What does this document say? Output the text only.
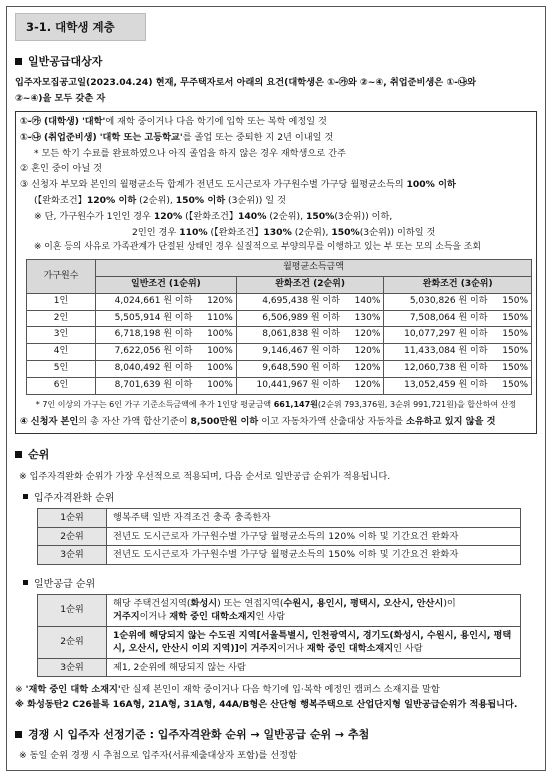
3-1. 대학생 계층
일반공급대상자
입주자모집공고일(2023.04.24) 현재, 무주택자로서 아래의 요건(대학생은 ①-㉮와 ②~④, 취업준비생은 ①-㉯와
②~④)을 모두 갖춘 자
①-㉮ (대학생) '대학'에 재학 중이거나 다음 학기에 입학 또는 복학 예정일 것
①-㉯ (취업준비생) '대학 또는 고등학교'를 졸업 또는 중퇴한 지 2년 이내일 것
* 모든 학기 수료를 완료하였으나 아직 졸업을 하지 않은 경우 재학생으로 간주
② 혼인 중이 아닐 것
③ 신청자 부모와 본인의 월평균소득 합계가 전년도 도시근로자 가구원수별 가구당 월평균소득의 100% 이하
(【완화조건】120% 이하 (2순위), 150% 이하 (3순위)) 일 것
※ 단, 가구원수가 1인인 경우 120% (【완화조건】140% (2순위), 150%(3순위)) 이하,
2인인 경우 110% (【완화조건】130% (2순위), 150%(3순위)) 이하일 것
※ 이혼 등의 사유로 가족관계가 단절된 상태인 경우 실질적으로 부양의무를 이행하고 있는 부 또는 모의 소득을 조회
가구원수	월평균소득금액					
	일반조건 (1순위)		완화조건 (2순위)		완화조건 (3순위)	
1인	4,024,661 원 이하	120%	4,695,438 원 이하	140%	5,030,826 원 이하	150%
2인	5,505,914 원 이하	110%	6,506,989 원 이하	130%	7,508,064 원 이하	150%
3인	6,718,198 원 이하	100%	8,061,838 원 이하	120%	10,077,297 원 이하	150%
4인	7,622,056 원 이하	100%	9,146,467 원 이하	120%	11,433,084 원 이하	150%
5인	8,040,492 원 이하	100%	9,648,590 원 이하	120%	12,060,738 원 이하	150%
6인	8,701,639 원 이하	100%	10,441,967 원 이하	120%	13,052,459 원 이하	150%
* 7인 이상의 가구는 6인 가구 기준소득금액에 추가 1인당 평균금액 661,147원(2순위 793,376원, 3순위 991,721원)을 합산하여 산정
④ 신청자 본인의 총 자산 가액 합산기준이 8,500만원 이하 이고 자동차가액 산출대상 자동차를 소유하고 있지 않을 것
순위
※ 입주자격완화 순위가 가장 우선적으로 적용되며, 다음 순서로 일반공급 순위가 적용됩니다.
입주자격완화 순위
1순위	행복주택 일반 자격조건 충족 충족한자
2순위	전년도 도시근로자 가구원수별 가구당 월평균소득의 120% 이하 및 기간요건 완화자
3순위	전년도 도시근로자 가구원수별 가구당 월평균소득의 150% 이하 및 기간요건 완화자
일반공급 순위
1순위	해당 주택건설지역(화성시) 또는 연접지역(수원시, 용인시, 평택시, 오산시, 안산시)이
거주지이거나 재학 중인 대학소재지인 사람
2순위	1순위에 해당되지 않는 수도권 지역[서울특별시, 인천광역시, 경기도(화성시, 수원시, 용인시, 평택시, 오산시, 안산시 이외 지역)]이 거주지이거나 재학 중인 대학소재지인 사람
3순위	제1, 2순위에 해당되지 않는 사람
※ '재학 중인 대학 소재지'란 실제 본인이 재학 중이거나 다음 학기에 입·복학 예정인 캠퍼스 소재지를 말함
※ 화성동탄2 C26블록 16A형, 21A형, 31A형, 44A/B형은 산단형 행복주택으로 산업단지형 일반공급순위가 적용됩니다.
경쟁 시 입주자 선정기준 : 입주자격완화 순위 → 일반공급 순위 → 추첨
※ 동일 순위 경쟁 시 추첨으로 입주자(서류제출대상자 포함)를 선정함
